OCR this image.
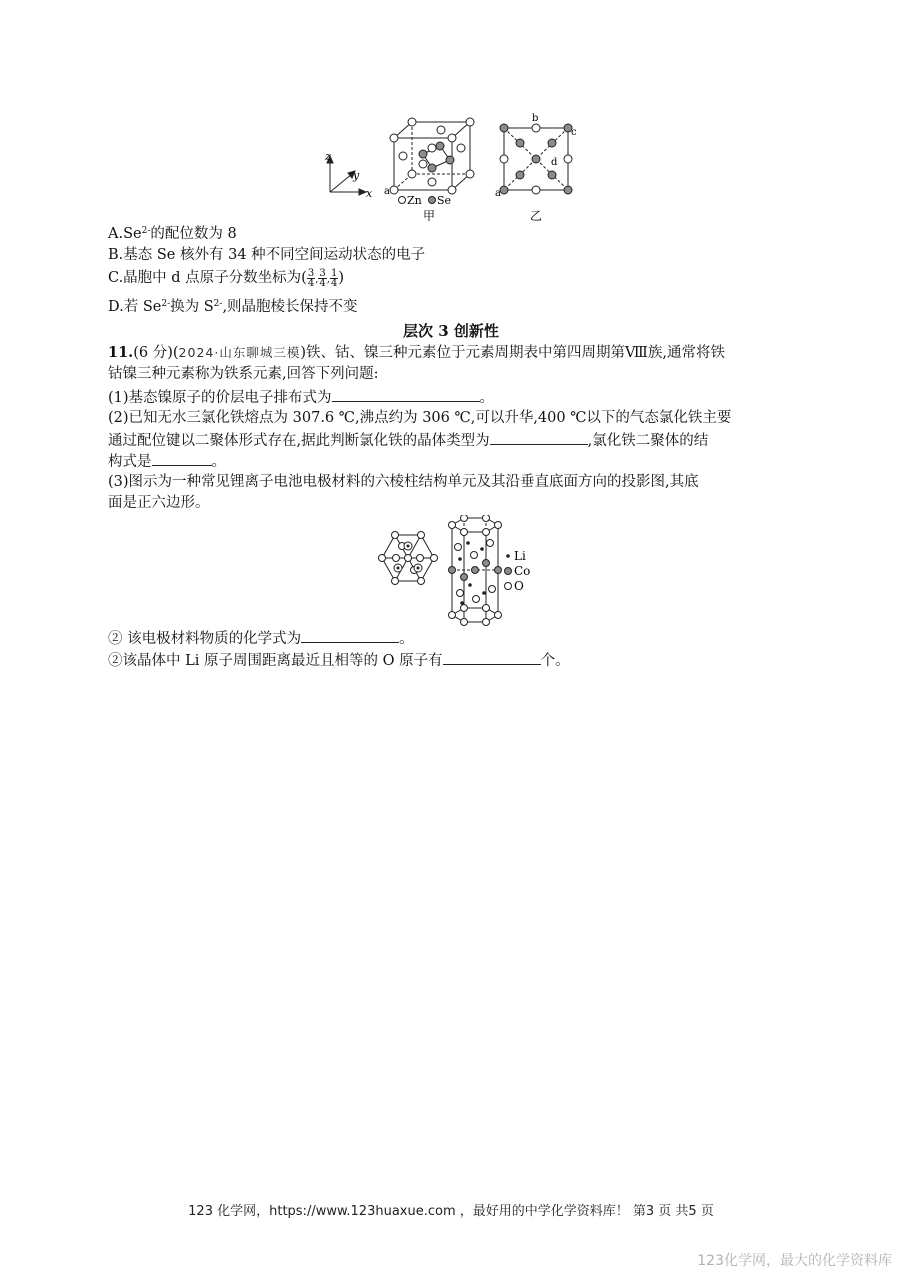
z
y
x a
Zn Se
甲
b
c
d
a
乙
$A.Se^{2-}$的配位数为 8
B.基态 Se 核外有 34 种不同空间运动状态的电子
C.晶胞中 d 点原子分数坐标为( $\frac{3}{4}$ , $\frac{3}{4}$ , $\frac{1}{4}$ )
D.若 $Se^{2-}$换为 $S^{2-}$,则晶胞棱长保持不变
层次 3 创新性
11.(6 分)(2024·山东聊城三模)铁、钴、镍三种元素位于元素周期表中第四周期第Ⅷ族,通常将铁
钴镍三种元素称为铁系元素,回答下列问题:
(1)基态镍原子的价层电子排布式为	。
(2)已知无水三氯化铁熔点为 307.6 ℃,沸点约为 306 ℃,可以升华,400 ℃以下的气态氯化铁主要
通过配位键以二聚体形式存在,据此判断氯化铁的晶体类型为	,氯化铁二聚体的结
构式是	。
(3)图示为一种常见锂离子电池电极材料的六棱柱结构单元及其沿垂直底面方向的投影图,其底
面是正六边形。
Li
Co
O
② 该电极材料物质的化学式为	。
②该晶体中 Li 原子周围距离最近且相等的 O 原子有	个。
123 化学网，https://www.123huaxue.com ，最好用的中学化学资料库！ 第3 页 共5 页
123化学网，最大的化学资料库
